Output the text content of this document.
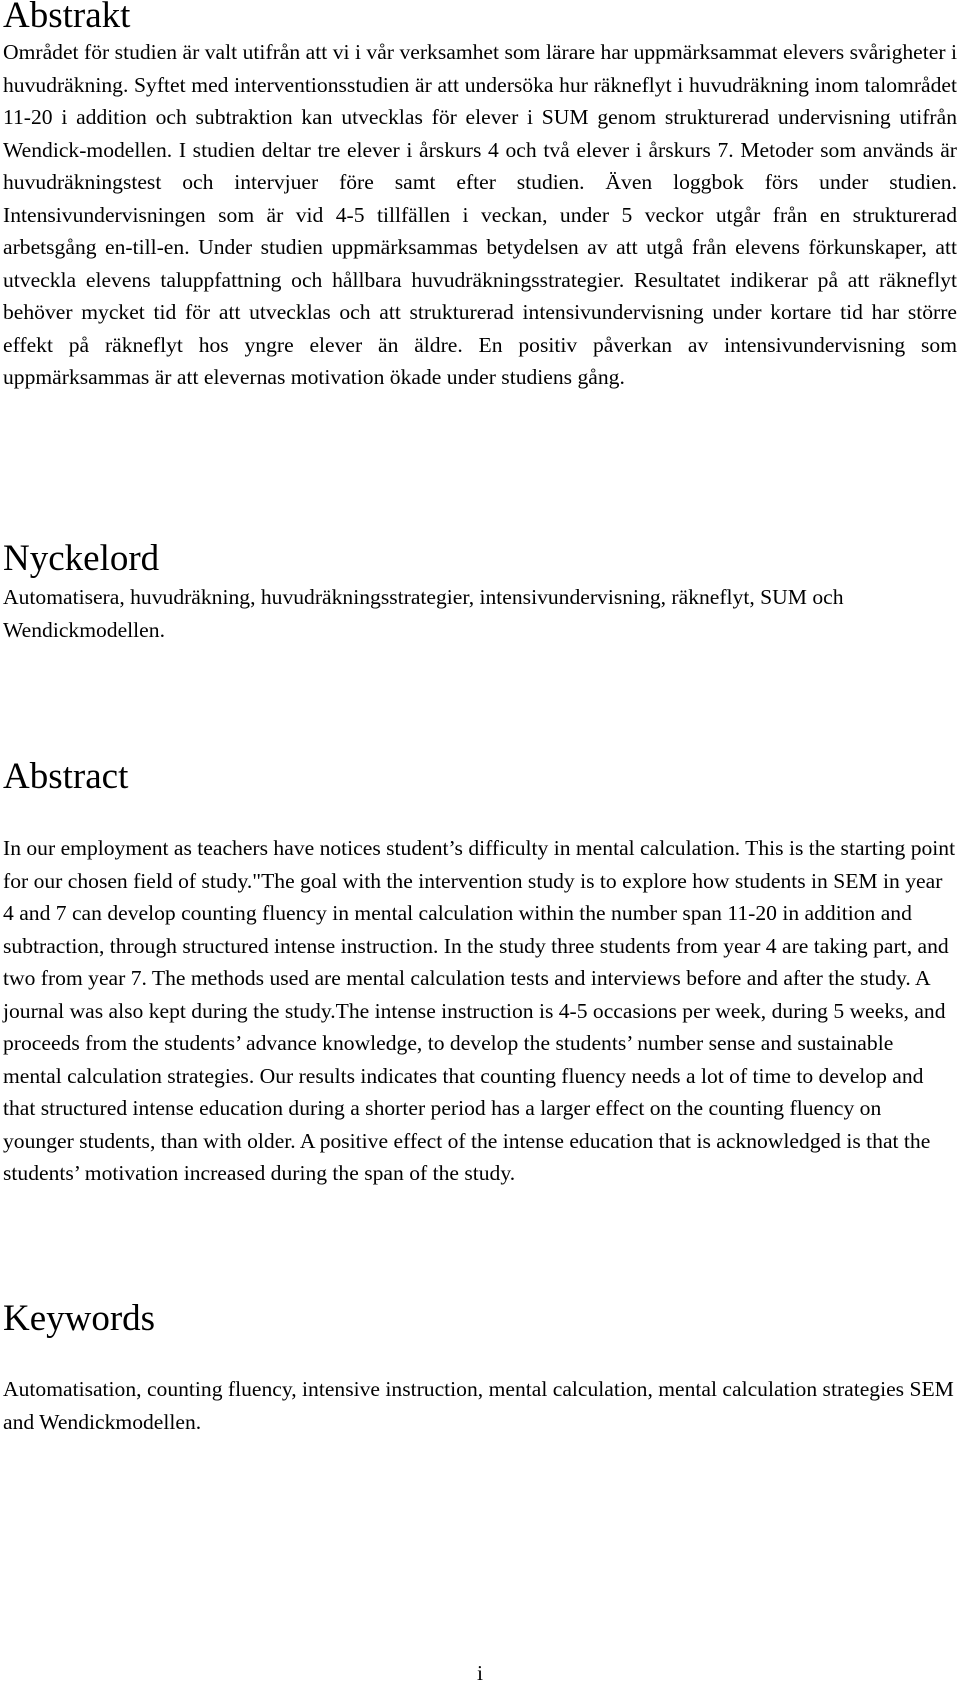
Abstrakt

Området för studien är valt utifrån att vi i vår verksamhet som lärare har uppmärksammat elevers svårigheter i huvudräkning. Syftet med interventionsstudien är att undersöka hur räkneflyt i huvudräkning inom talområdet 11-20 i addition och subtraktion kan utvecklas för elever i SUM genom strukturerad undervisning utifrån Wendick-modellen. I studien deltar tre elever i årskurs 4 och två elever i årskurs 7. Metoder som används är huvudräkningstest och intervjuer före samt efter studien. Även loggbok förs under studien. Intensivundervisningen som är vid 4-5 tillfällen i veckan, under 5 veckor utgår från en strukturerad arbetsgång en-till-en. Under studien uppmärksammas betydelsen av att utgå från elevens förkunskaper, att utveckla elevens taluppfattning och hållbara huvudräkningsstrategier. Resultatet indikerar på att räkneflyt behöver mycket tid för att utvecklas och att strukturerad intensivundervisning under kortare tid har större effekt på räkneflyt hos yngre elever än äldre. En positiv påverkan av intensivundervisning som uppmärksammas är att elevernas motivation ökade under studiens gång.

Nyckelord

Automatisera, huvudräkning, huvudräkningsstrategier, intensivundervisning, räkneflyt, SUM och Wendickmodellen.

Abstract

In our employment as teachers have notices student’s difficulty in mental calculation. This is the starting point for our chosen field of study."The goal with the intervention study is to explore how students in SEM in year 4 and 7 can develop counting fluency in mental calculation within the number span 11-20 in addition and subtraction, through structured intense instruction. In the study three students from year 4 are taking part, and two from year 7. The methods used are mental calculation tests and interviews before and after the study. A journal was also kept during the study.The intense instruction is 4-5 occasions per week, during 5 weeks, and proceeds from the students’ advance knowledge, to develop the students’ number sense and sustainable mental calculation strategies. Our results indicates that counting fluency needs a lot of time to develop and that structured intense education during a shorter period has a larger effect on the counting fluency on younger students, than with older. A positive effect of the intense education that is acknowledged is that the students’ motivation increased during the span of the study.

Keywords

Automatisation, counting fluency, intensive instruction, mental calculation, mental calculation strategies SEM and Wendickmodellen.

i
